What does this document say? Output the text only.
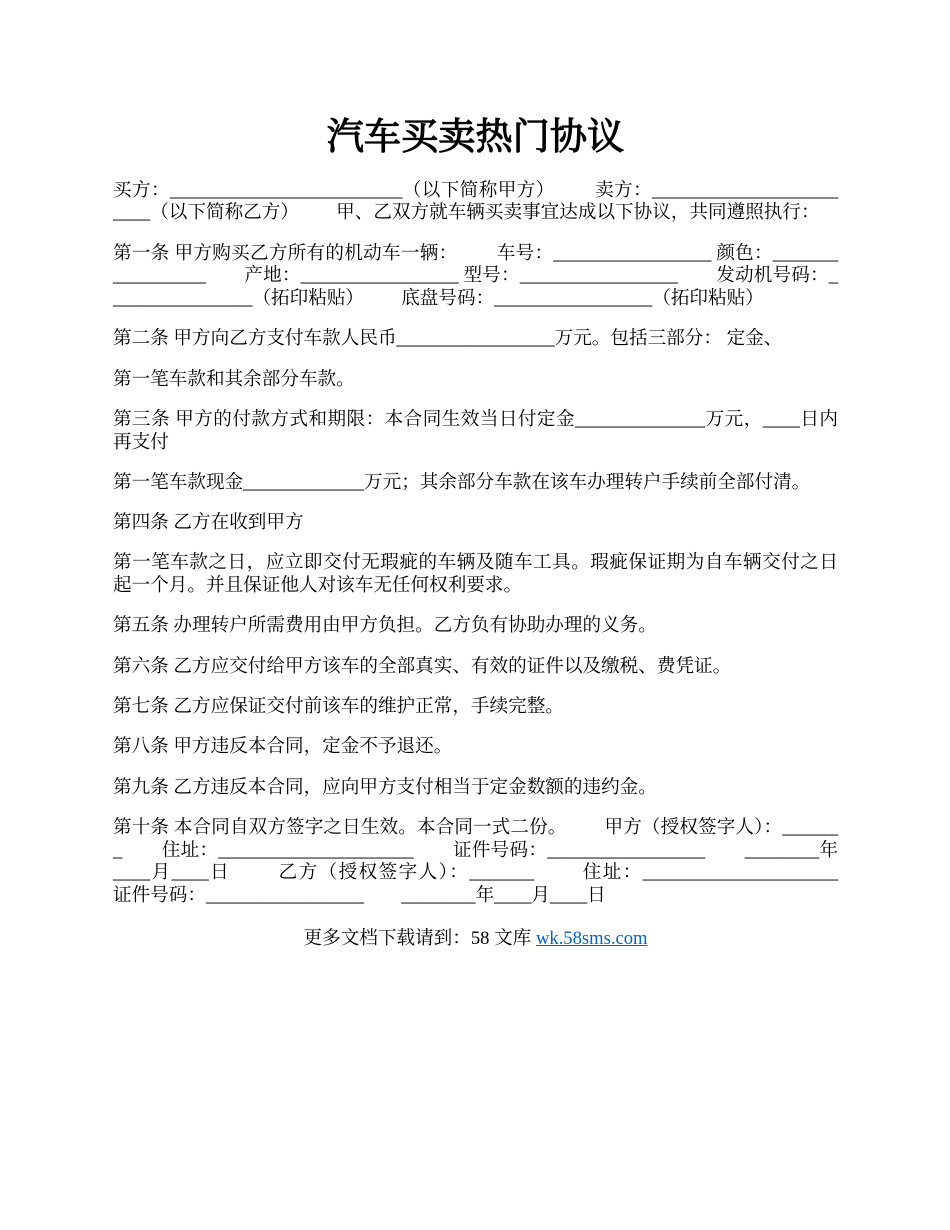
汽车买卖热门协议

买方：_________________________（以下简称甲方）        卖方：________________________（以下简称乙方）        甲、乙双方就车辆买卖事宜达成以下协议，共同遵照执行：

第一条 甲方购买乙方所有的机动车一辆：        车号：_________________ 颜色：_________________        产地：_________________ 型号：_________________        发动机号码：________________（拓印粘贴）        底盘号码：_________________（拓印粘贴）

第二条 甲方向乙方支付车款人民币_________________万元。包括三部分： 定金、

第一笔车款和其余部分车款。

第三条 甲方的付款方式和期限：本合同生效当日付定金______________万元，____日内再支付

第一笔车款现金_____________万元；其余部分车款在该车办理转户手续前全部付清。

第四条 乙方在收到甲方

第一笔车款之日，应立即交付无瑕疵的车辆及随车工具。瑕疵保证期为自车辆交付之日起一个月。并且保证他人对该车无任何权利要求。

第五条 办理转户所需费用由甲方负担。乙方负有协助办理的义务。

第六条 乙方应交付给甲方该车的全部真实、有效的证件以及缴税、费凭证。

第七条 乙方应保证交付前该车的维护正常，手续完整。

第八条 甲方违反本合同，定金不予退还。

第九条 乙方违反本合同，应向甲方支付相当于定金数额的违约金。

第十条 本合同自双方签字之日生效。本合同一式二份。        甲方（授权签字人）：_______        住址：_____________________        证件号码：_________________        ________年____月____日        乙方（授权签字人）：_______        住址：_____________________        证件号码：_________________        ________年____月____日

更多文档下载请到：58 文库 wk.58sms.com
